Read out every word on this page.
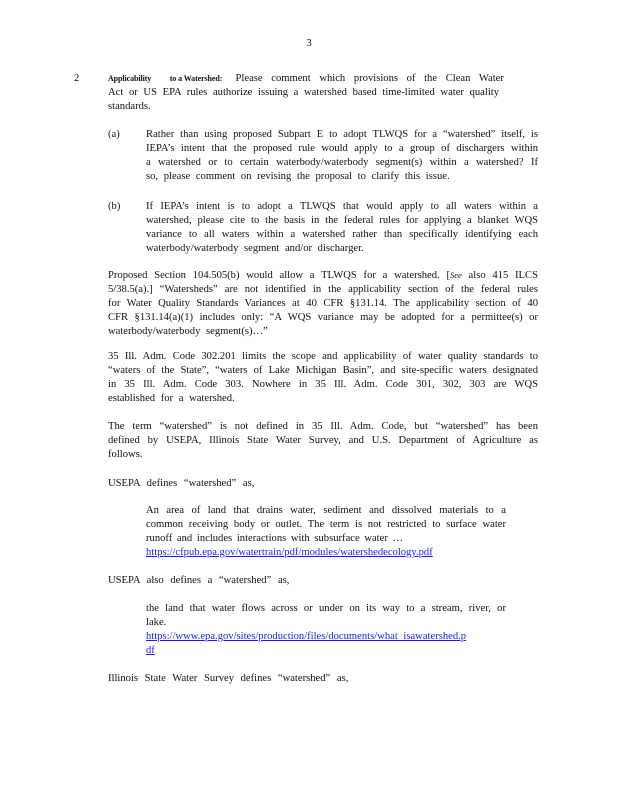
3
2	Applicability to a Watershed: Please comment which provisions of the Clean Water
Act or US EPA rules authorize issuing a watershed based time-limited water quality
standards.
(a) Rather than using proposed Subpart E to adopt TLWQS for a “watershed” itself, is IEPA’s intent that the proposed rule would apply to a group of dischargers within a watershed or to certain waterbody/waterbody segment(s) within a watershed? If so, please comment on revising the proposal to clarify this issue.
(b) If IEPA’s intent is to adopt a TLWQS that would apply to all waters within a watershed, please cite to the basis in the federal rules for applying a blanket WQS variance to all waters within a watershed rather than specifically identifying each waterbody/waterbody segment and/or discharger.
Proposed Section 104.505(b) would allow a TLWQS for a watershed. [See also 415 ILCS 5/38.5(a).] “Watersheds” are not identified in the applicability section of the federal rules for Water Quality Standards Variances at 40 CFR §131.14. The applicability section of 40 CFR §131.14(a)(1) includes only: “A WQS variance may be adopted for a permittee(s) or waterbody/waterbody segment(s)…”
35 Ill. Adm. Code 302.201 limits the scope and applicability of water quality standards to “waters of the State”, “waters of Lake Michigan Basin”, and site-specific waters designated in 35 Ill. Adm. Code 303. Nowhere in 35 Ill. Adm. Code 301, 302, 303 are WQS established for a watershed.
The term “watershed” is not defined in 35 Ill. Adm. Code, but “watershed” has been defined by USEPA, Illinois State Water Survey, and U.S. Department of Agriculture as follows.
USEPA defines “watershed” as,
An area of land that drains water, sediment and dissolved materials to a common receiving body or outlet. The term is not restricted to surface water runoff and includes interactions with subsurface water …
https://cfpub.epa.gov/watertrain/pdf/modules/watershedecology.pdf
USEPA also defines a “watershed” as,
the land that water flows across or under on its way to a stream, river, or lake.
https://www.epa.gov/sites/production/files/documents/what isawatershed.p
df
Illinois State Water Survey defines “watershed” as,
